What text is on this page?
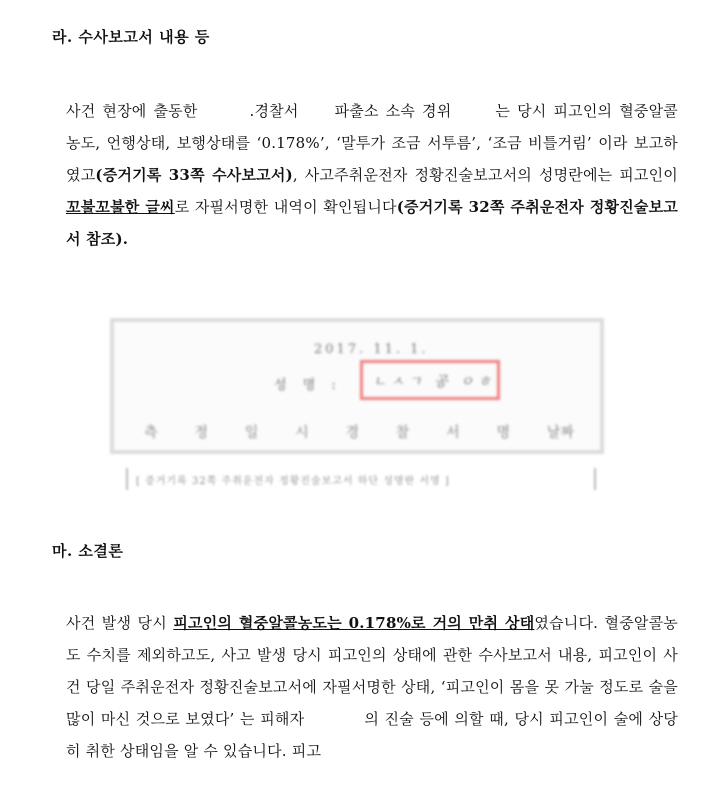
라. 수사보고서 내용 등

사건 현장에 출동한	.경찰서 파출소 소속 경위	는 당시 피고인의 혈중알콜농도, 언행상태, 보행상태를 ‘0.178%’, ‘말투가 조금 서투름’, ‘조금 비틀거림’ 이라 보고하였고(증거기록 33쪽 수사보고서), 사고주취운전자 정황진술보고서의 성명란에는 피고인이 꼬불꼬불한 글씨로 자필서명한 내역이 확인됩니다(증거기록 32쪽 주취운전자 정황진술보고서 참조).

2017. 11. 1.
성 명 : ㄴㅅㄱ 공 ㅇㅎ
측	정	일	시	경	찰	서	명	날짜
[ 증거기록 32쪽 주취운전자 정황진술보고서 하단 성명란 서명 ]
마. 소결론

사건 발생 당시 피고인의 혈중알콜농도는 0.178%로 거의 만취 상태였습니다. 혈중알콜농도 수치를 제외하고도, 사고 발생 당시 피고인의 상태에 관한 수사보고서 내용, 피고인이 사건 당일 주취운전자 정황진술보고서에 자필서명한 상태, ‘피고인이 몸을 못 가눌 정도로 술을 많이 마신 것으로 보였다’ 는 피해자	의 진술 등에 의할 때, 당시 피고인이 술에 상당히 취한 상태임을 알 수 있습니다. 피고
